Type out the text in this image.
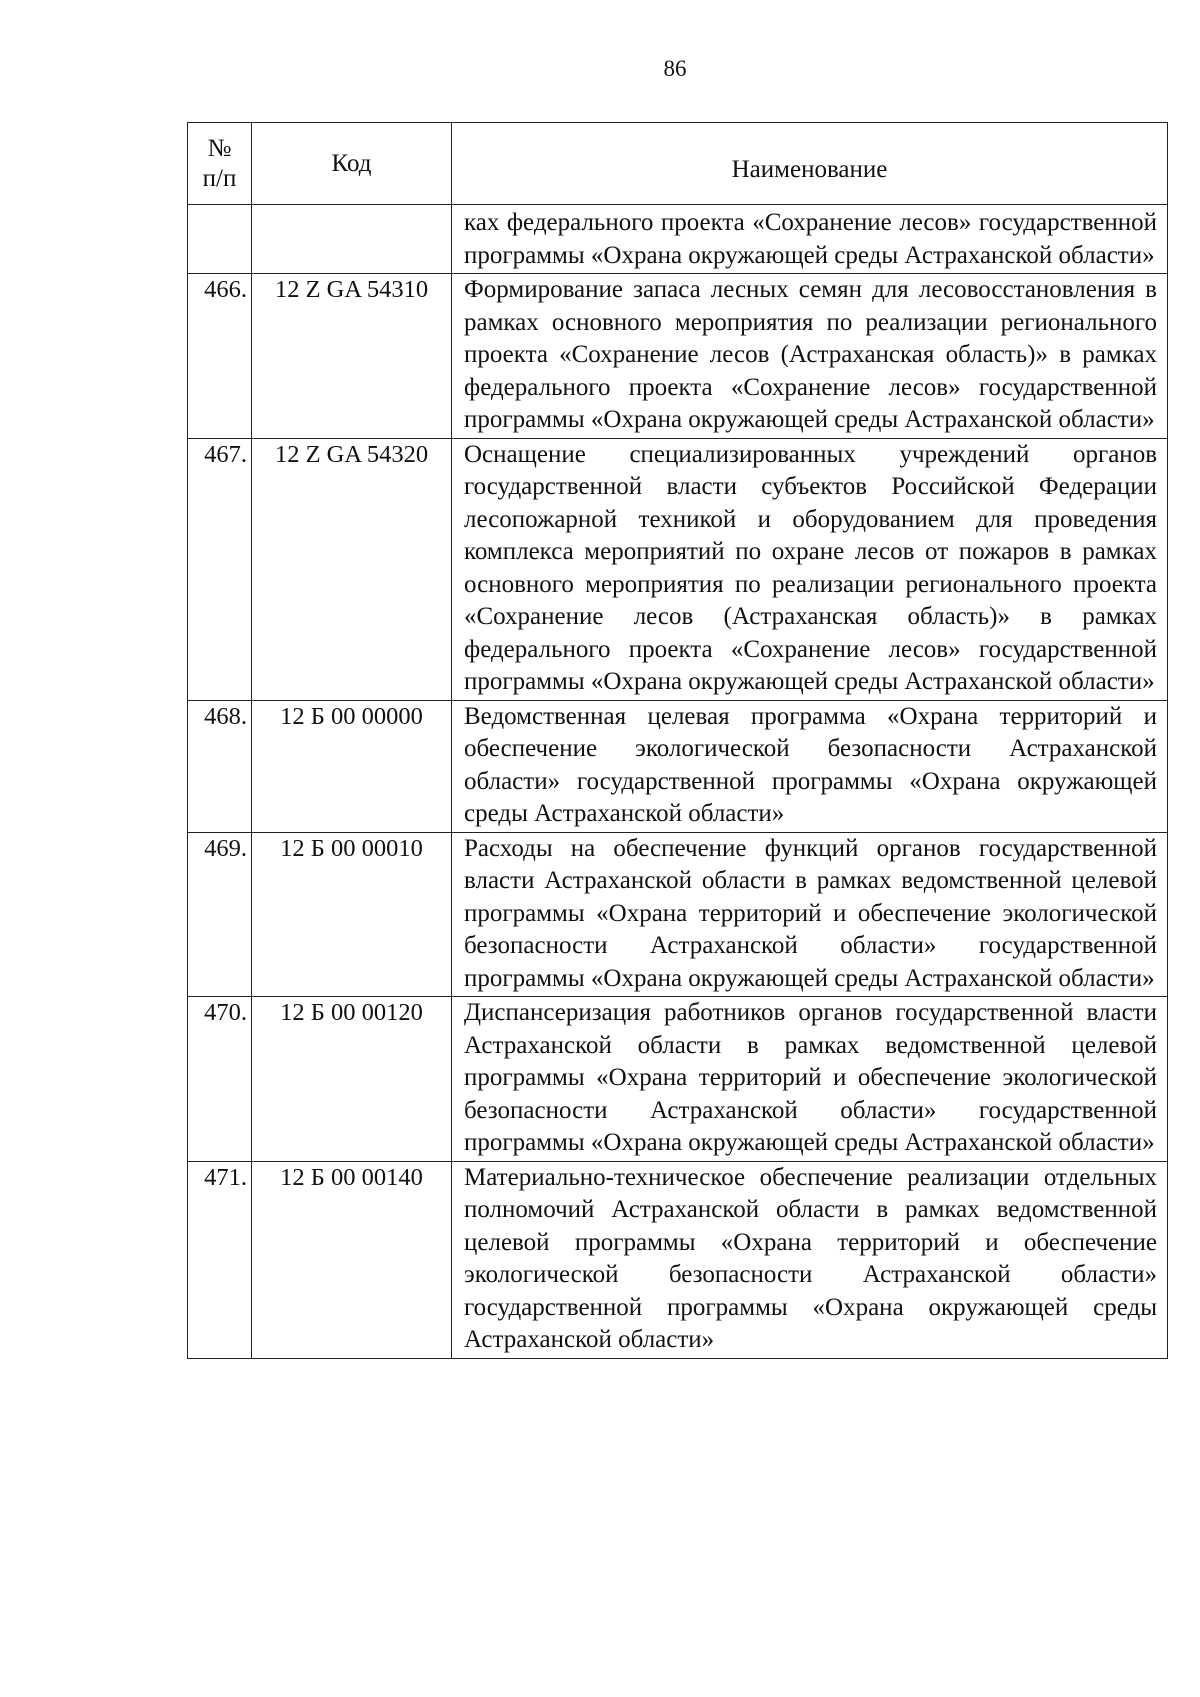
86
№
п/п	Код	Наименование
		ках федерального проекта «Сохранение лесов» государственной программы «Охрана окружающей среды Астраханской области»
466.	12 Z GA 54310	Формирование запаса лесных семян для лесовосстановления в рамках основного мероприятия по реализации регионального проекта «Сохранение лесов (Астраханская область)» в рамках федерального проекта «Сохранение лесов» государственной программы «Охрана окружающей среды Астраханской области»
467.	12 Z GA 54320	Оснащение специализированных учреждений органов государственной власти субъектов Российской Федерации лесопожарной техникой и оборудованием для проведения комплекса мероприятий по охране лесов от пожаров в рамках основного мероприятия по реализации регионального проекта «Сохранение лесов (Астраханская область)» в рамках федерального проекта «Сохранение лесов» государственной программы «Охрана окружающей среды Астраханской области»
468.	12 Б 00 00000	Ведомственная целевая программа «Охрана территорий и обеспечение экологической безопасности Астраханской области» государственной программы «Охрана окружающей среды Астраханской области»
469.	12 Б 00 00010	Расходы на обеспечение функций органов государственной власти Астраханской области в рамках ведомственной целевой программы «Охрана территорий и обеспечение экологической безопасности Астраханской области» государственной программы «Охрана окружающей среды Астраханской области»
470.	12 Б 00 00120	Диспансеризация работников органов государственной власти Астраханской области в рамках ведомственной целевой программы «Охрана территорий и обеспечение экологической безопасности Астраханской области» государственной программы «Охрана окружающей среды Астраханской области»
471.	12 Б 00 00140	Материально-техническое обеспечение реализации отдельных полномочий Астраханской области в рамках ведомственной целевой программы «Охрана территорий и обеспечение экологической безопасности Астраханской области» государственной программы «Охрана окружающей среды Астраханской области»
